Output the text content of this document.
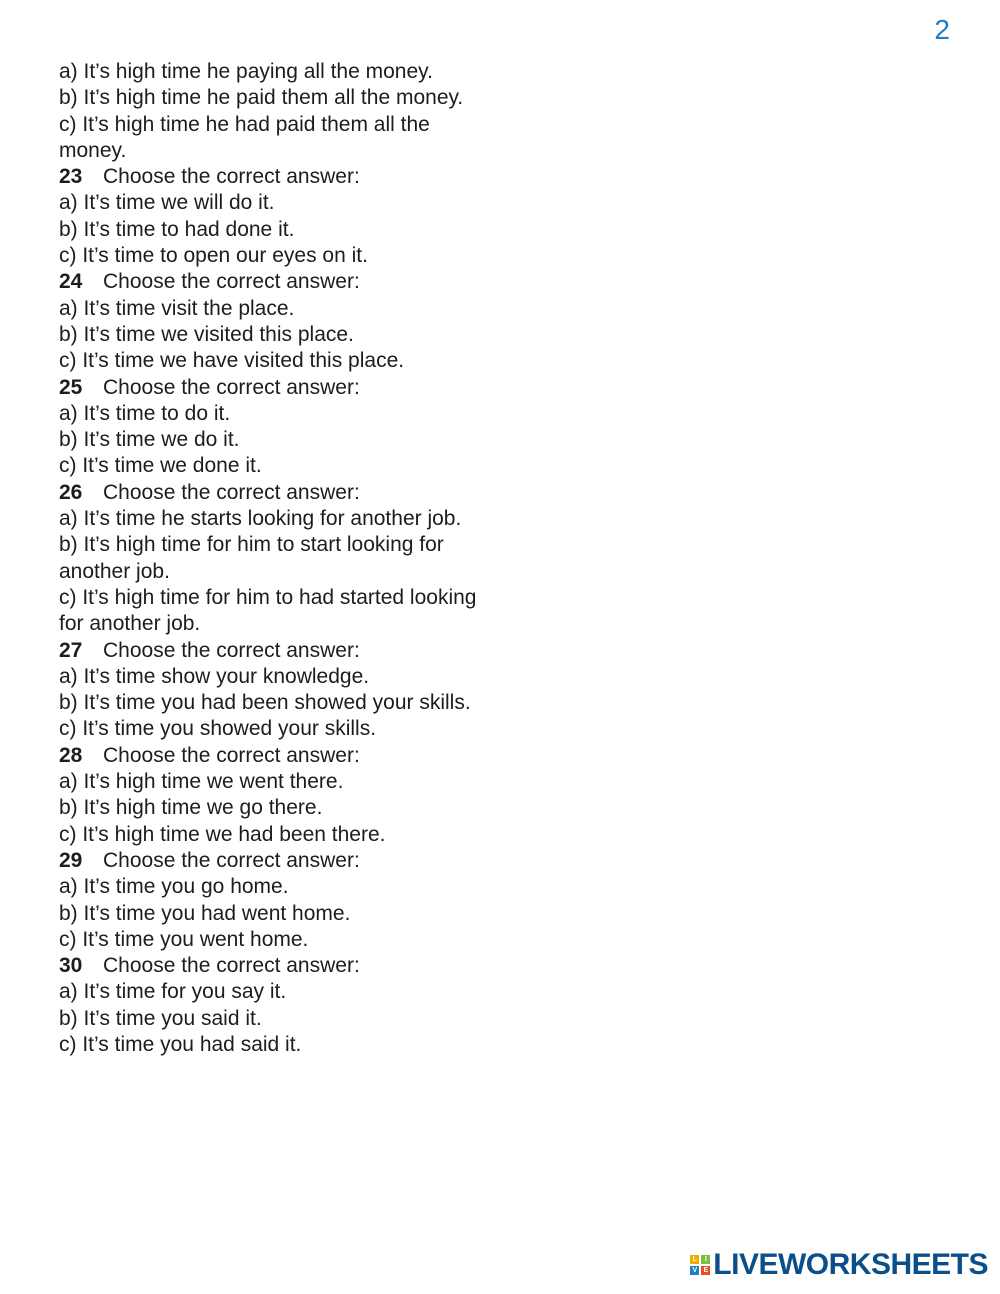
2
a) It’s high time he paying all the money.
b) It’s high time he paid them all the money.
c) It’s high time he had paid them all the money.
23 Choose the correct answer:
a) It’s time we will do it.
b) It’s time to had done it.
c) It’s time to open our eyes on it.
24 Choose the correct answer:
a) It’s time visit the place.
b) It’s time we visited this place.
c) It’s time we have visited this place.
25 Choose the correct answer:
a) It’s time to do it.
b) It’s time we do it.
c) It’s time we done it.
26 Choose the correct answer:
a) It’s time he starts looking for another job.
b) It’s high time for him to start looking for another job.
c) It’s high time for him to had started looking for another job.
27 Choose the correct answer:
a) It’s time show your knowledge.
b) It’s time you had been showed your skills.
c) It’s time you showed your skills.
28 Choose the correct answer:
a) It’s high time we went there.
b) It’s high time we go there.
c) It’s high time we had been there.
29 Choose the correct answer:
a) It’s time you go home.
b) It’s time you had went home.
c) It’s time you went home.
30 Choose the correct answer:
a) It’s time for you say it.
b) It’s time you said it.
c) It’s time you had said it.
L	I
V E LIVEWORKSHEETS
